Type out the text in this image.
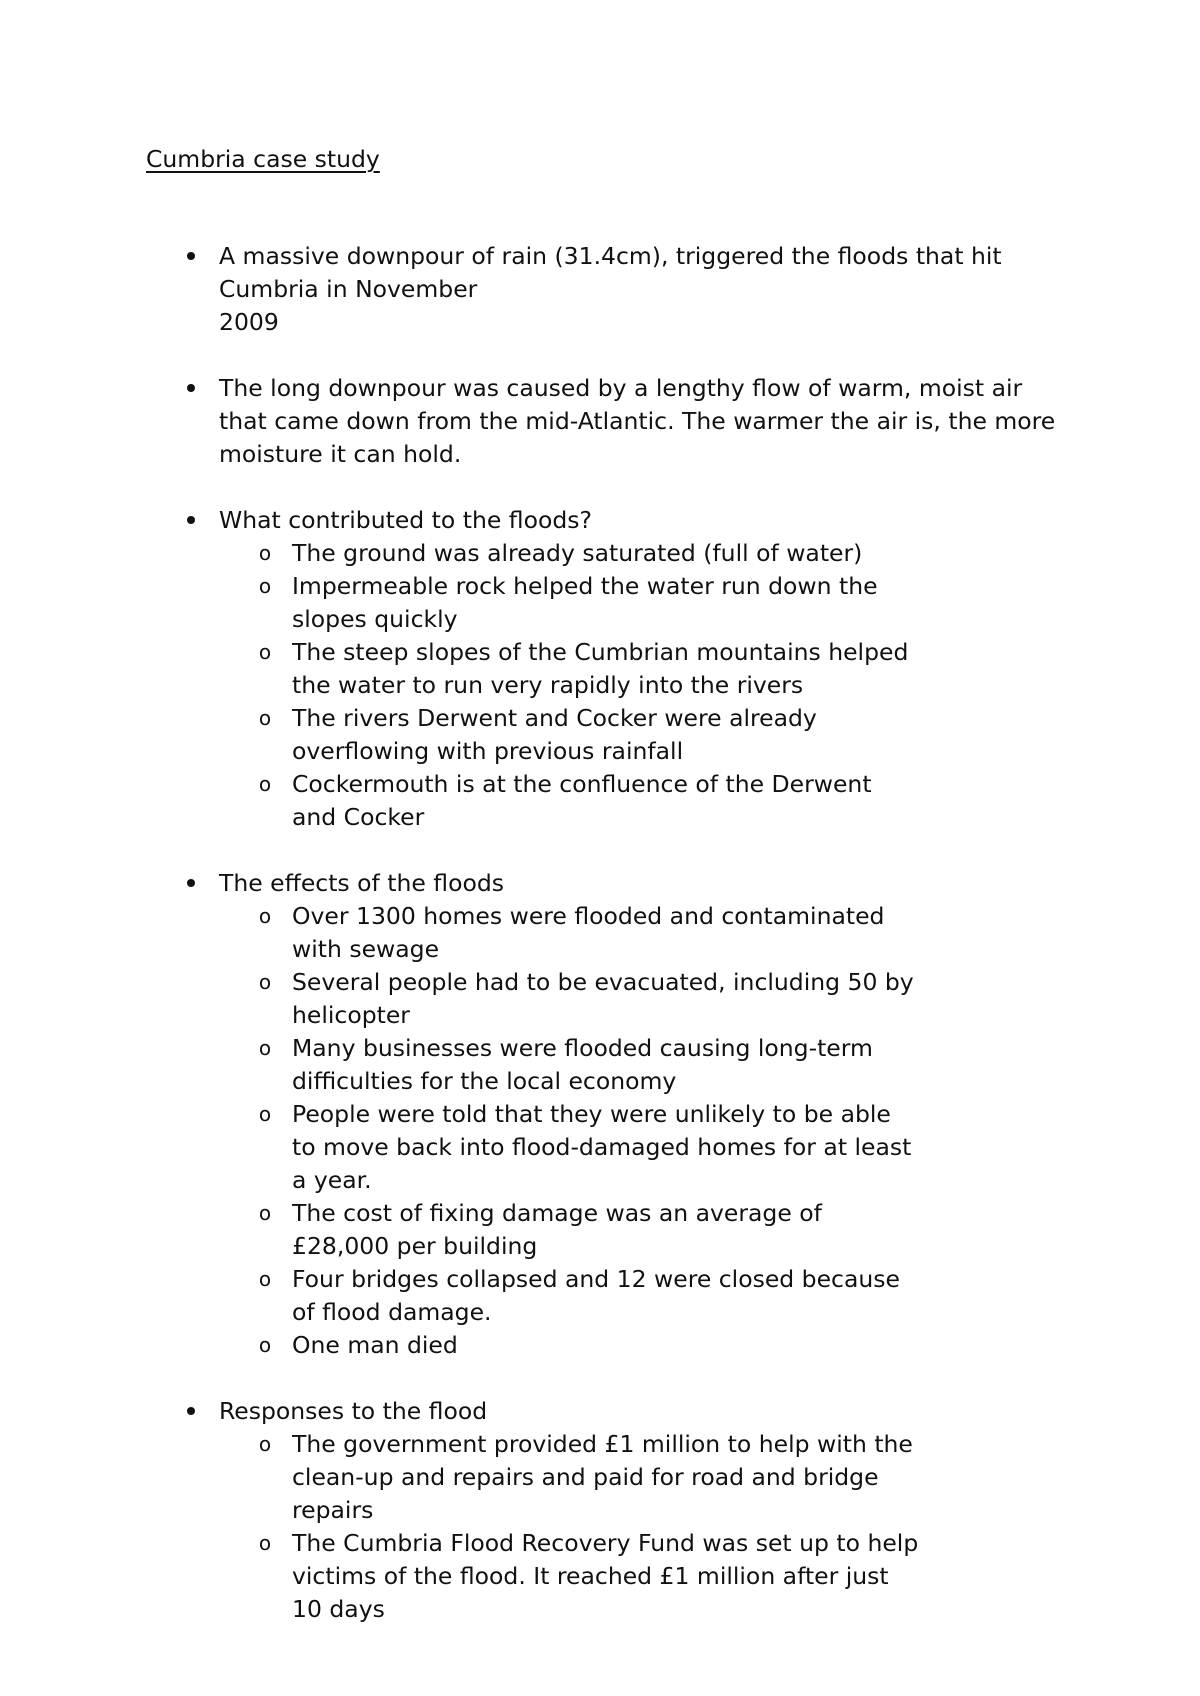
Cumbria case study
A massive downpour of rain (31.4cm), triggered the floods that hit
Cumbria in November
2009
The long downpour was caused by a lengthy flow of warm, moist air that came down from the mid-Atlantic. The warmer the air is, the more moisture it can hold.
What contributed to the floods?
o The ground was already saturated (full of water)
o Impermeable rock helped the water run down the slopes quickly
o The steep slopes of the Cumbrian mountains helped the water to run very rapidly into the rivers
o The rivers Derwent and Cocker were already overflowing with previous rainfall
o Cockermouth is at the confluence of the Derwent and Cocker
The effects of the floods
o Over 1300 homes were flooded and contaminated with sewage
o Several people had to be evacuated, including 50 by helicopter
o Many businesses were flooded causing long-term difficulties for the local economy
o People were told that they were unlikely to be able to move back into flood-damaged homes for at least a year.
o The cost of fixing damage was an average of £28,000 per building
o Four bridges collapsed and 12 were closed because of flood damage.
o One man died
Responses to the flood
o The government provided £1 million to help with the clean-up and repairs and paid for road and bridge repairs
o The Cumbria Flood Recovery Fund was set up to help victims of the flood. It reached £1 million after just 10 days
